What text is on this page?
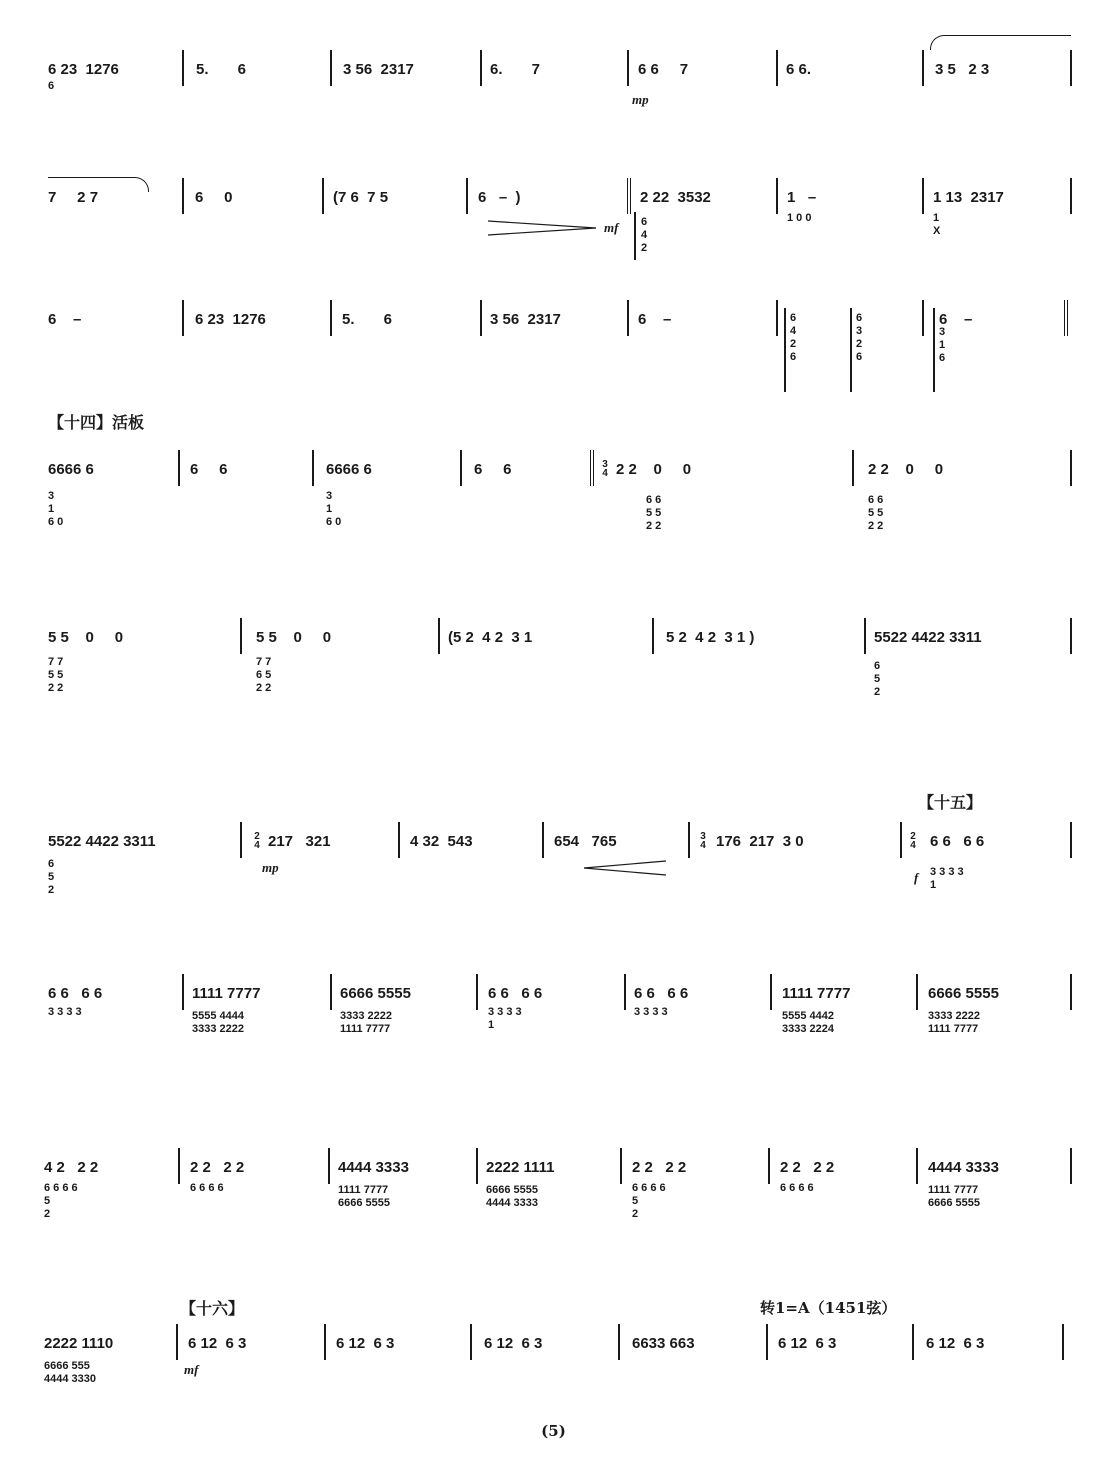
6 23  1276
6
5.       6	3 56  2317	6.       7	6 6     7
mp
6 6.	3 5   2 3
7     2 7	6     0	(7 6  7 5	6   –  )
mf
2 22  3532
6
4
2
1   –
1 0 0
1 13  2317
1
X
6    –	6 23  1276	5.       6	3 56  2317	6    –	6
4
2
6
6
3
2
6
6    –
3
1
6
【十四】活板
6666 6
3
1
6 0
6     6	6666 6
3
1
6 0
6     6	3
4 2 2    0     0
6 6
5 5
2 2
2 2    0     0
6 6
5 5
2 2
5 5    0     0
7 7
5 5
2 2
5 5    0     0
7 7
6 5
2 2
(5 2  4 2  3 1	5 2  4 2  3 1 )	5522 4422 3311
6
5
2
【十五】
5522 4422 3311
6
5
2
2
4 217   321
mp
4 32  543	654   765	3
4 176  217  3 0	2
4 6 6   6 6
f 3 3 3 3
1
6 6   6 6
3 3 3 3
1111 7777
5555 4444
3333 2222
6666 5555
3333 2222
1111 7777
6 6   6 6
3 3 3 3
1
6 6   6 6
3 3 3 3
1111 7777
5555 4442
3333 2224
6666 5555
3333 2222
1111 7777
4 2   2 2
6 6 6 6
5
2
2 2   2 2
6 6 6 6
4444 3333
1111 7777
6666 5555
2222 1111
6666 5555
4444 3333
2 2   2 2
6 6 6 6
5
2
2 2   2 2
6 6 6 6
4444 3333
1111 7777
6666 5555
【十六】	转1=A（1451弦）
2222 1110
6666 555
4444 3330
6 12  6 3
mf
6 12  6 3	6 12  6 3	6633 663	6 12  6 3	6 12  6 3
(5)
